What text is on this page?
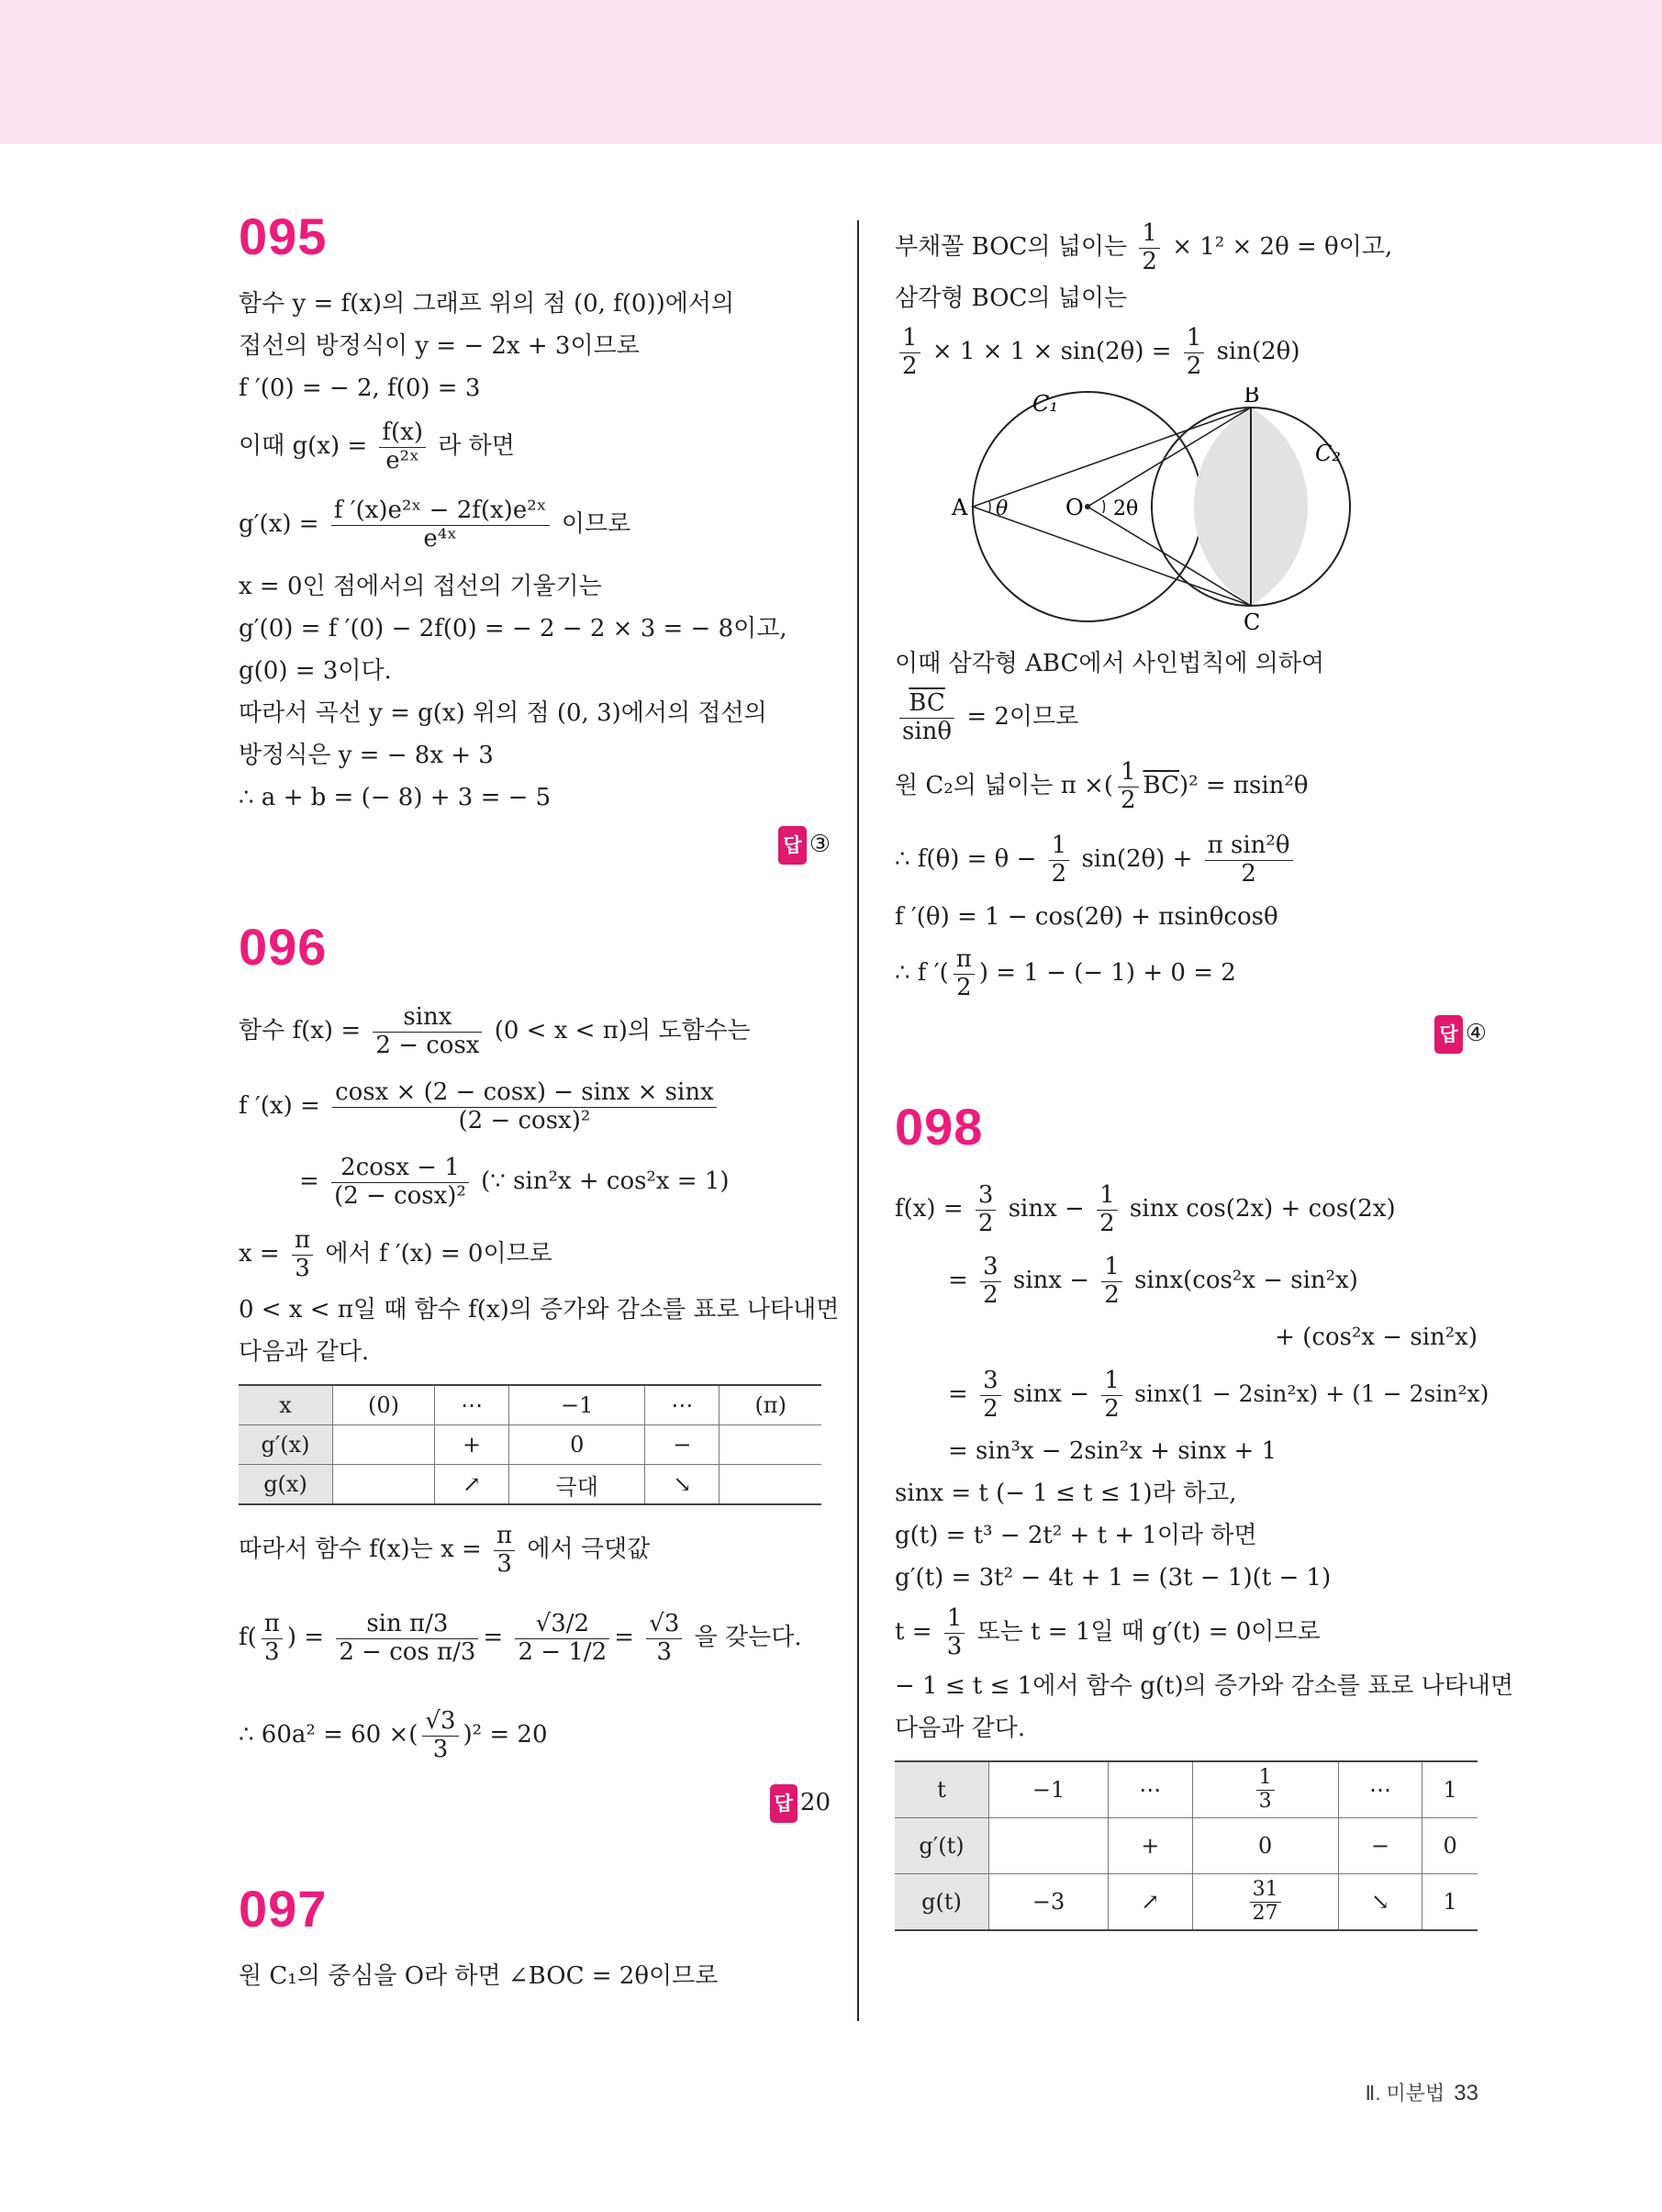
095
함수 y = f(x)의 그래프 위의 점 (0, f(0))에서의
접선의 방정식이 y = − 2x + 3이므로
f ′(0) = − 2, f(0) = 3
이때 $g(x) = \frac{f(x)}{\text{e²ˣ}}$ 라 하면
$g'(x) = \frac{\text{f ′(x)e²ˣ − 2f(x)e²ˣ}}{\text{e⁴ˣ}}$ 이므로
x = 0인 점에서의 접선의 기울기는
g′(0) = f ′(0) − 2f(0) = − 2 − 2 × 3 = − 8이고,
g(0) = 3이다.
따라서 곡선 y = g(x) 위의 점 (0, 3)에서의 접선의
방정식은 y = − 8x + 3
∴ a + b = (− 8) + 3 = − 5
답 ③
096
함수 $f(x) = \frac{\sin x}{2 - \cos x} (0 < x < \pi)$의 도함수는
f $'(x) = \frac{\cos x \times (2 - \cos x) - \sin x \times \sin x}{\text{(2 − cosx)²}}$
= $\frac{2\cos x - 1}{\text{(2 − cosx)²}}$ (∵ sin²x + cos²x = 1)
$x = \frac{\pi}{3}$ 에서 f ′(x) = 0이므로
0 < x < π일 때 함수 f(x)의 증가와 감소를 표로 나타내면
다음과 같다.
x	(0)	⋯	−1	⋯	(π)
g′(x)		+	0	−	
g(x)		↗	극대	↘	
따라서 함수 f(x)는 $x = \frac{\pi}{3}$ 에서 극댓값
$f( \frac{\pi}{3}$ ) = $\frac{\text{sin π/3}}{\text{2 − cos π/3}} = \frac{√3/2}{2 - 1/2} = \frac{√3}{3}$ 을 갖는다.
∴ 60a² = 60 ×( $\frac{√3}{3} )^2 = 20$
답 20
097
원 C₁의 중심을 O라 하면 ∠BOC = 2θ이므로
부채꼴 BOC의 넓이는 $\frac{1}{2} \times 1^2 \times 2\theta = \theta$이고,
삼각형 BOC의 넓이는
$\frac{1}{2} \times 1 \times 1 \times \sin(2\theta) = \frac{1}{2} \sin(2\theta)$
C₁
C₂
A
B
C
O
θ	2θ
이때 삼각형 ABC에서 사인법칙에 의하여
$\frac{\overline{BC}}{\sin\theta} = 2$이므로
원 C₂의 넓이는 π ×( $\frac{1}{2} \overline{BC})^2 = \pi\sin^2\theta$
∴ $f(\theta) = \theta - \frac{1}{2} \sin(2\theta) + \frac{\text{π sin²θ}}{2}$
f ′(θ) = 1 − cos(2θ) + πsinθcosθ
∴ f ′( $\frac{\pi}{2}$ ) = 1 − (− 1) + 0 = 2
답 ④
098
$f(x) = \frac{3}{2}$ $\sin x - \frac{1}{2}$ sinx cos(2x) + cos(2x)
= $\frac{3}{2}$ $\sin x - \frac{1}{2} \sin x(\cos^2x - \sin^2x)$
+ (cos²x − sin²x)
= $\frac{3}{2}$ $\sin x - \frac{1}{2} \sin x(1 - 2\sin^2x) + (1 - 2\sin^2x)$
= sin³x − 2sin²x + sinx + 1
sinx = t (− 1 ≤ t ≤ 1)라 하고,
g(t) = t³ − 2t² + t + 1이라 하면
g′(t) = 3t² − 4t + 1 = (3t − 1)(t − 1)
$t = \frac{1}{3}$ 또는 t = 1일 때 g′(t) = 0이므로
− 1 ≤ t ≤ 1에서 함수 g(t)의 증가와 감소를 표로 나타내면
다음과 같다.
t	−1	⋯	$\frac{1}{3}$	⋯	1
g′(t)		+	0	−	0
g(t)	−3	↗	$\frac{31}{27}$	↘	1
Ⅱ. 미분법 33
